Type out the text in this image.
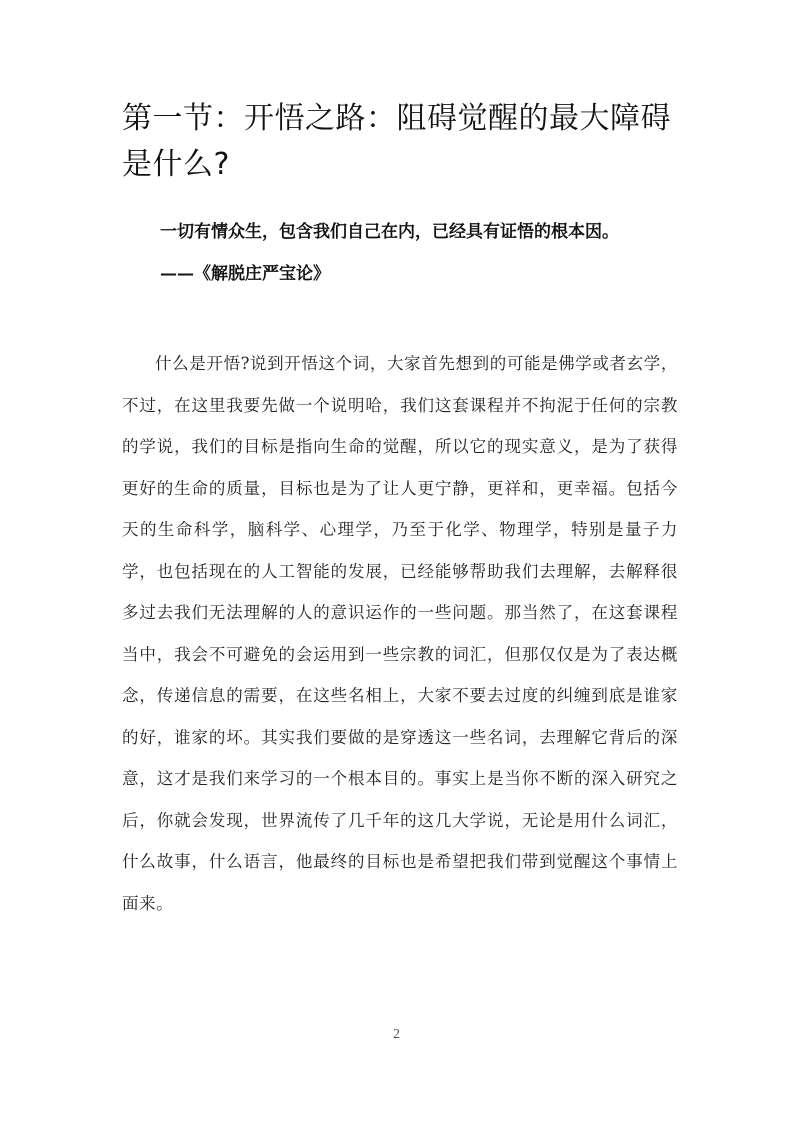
第一节：开悟之路：阻碍觉醒的最大障碍是什么?
一切有情众生，包含我们自己在内，已经具有证悟的根本因。
——《解脱庄严宝论》

什么是开悟?说到开悟这个词，大家首先想到的可能是佛学或者玄学，不过，在这里我要先做一个说明哈，我们这套课程并不拘泥于任何的宗教的学说，我们的目标是指向生命的觉醒，所以它的现实意义，是为了获得更好的生命的质量，目标也是为了让人更宁静，更祥和，更幸福。包括今天的生命科学，脑科学、心理学，乃至于化学、物理学，特别是量子力学，也包括现在的人工智能的发展，已经能够帮助我们去理解，去解释很多过去我们无法理解的人的意识运作的一些问题。那当然了，在这套课程当中，我会不可避免的会运用到一些宗教的词汇，但那仅仅是为了表达概念，传递信息的需要，在这些名相上，大家不要去过度的纠缠到底是谁家的好，谁家的坏。其实我们要做的是穿透这一些名词，去理解它背后的深意，这才是我们来学习的一个根本目的。事实上是当你不断的深入研究之后，你就会发现，世界流传了几千年的这几大学说，无论是用什么词汇，什么故事，什么语言，他最终的目标也是希望把我们带到觉醒这个事情上面来。

2
